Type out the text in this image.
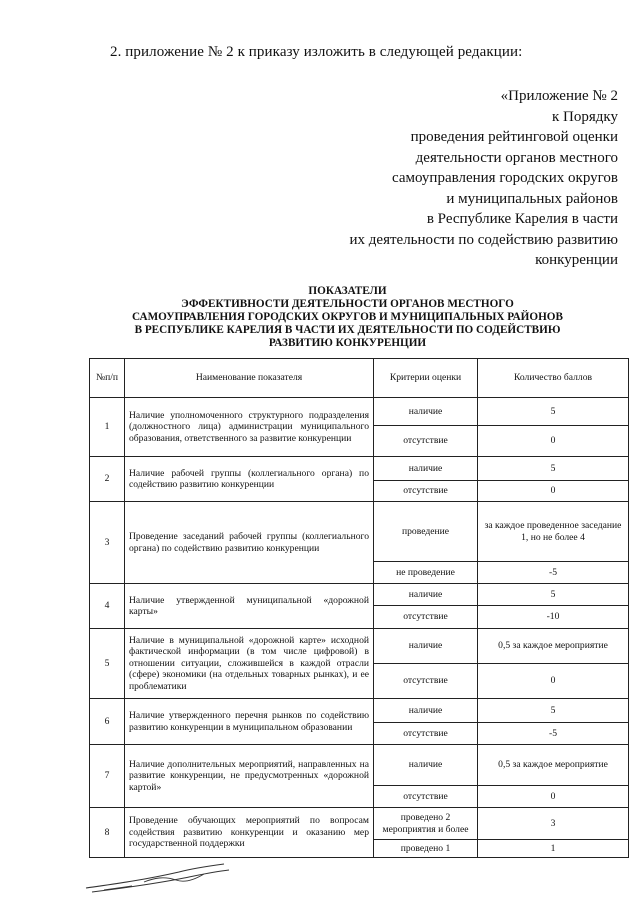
2. приложение № 2 к приказу изложить в следующей редакции:
«Приложение № 2
к Порядку
проведения рейтинговой оценки
деятельности органов местного
самоуправления городских округов
и муниципальных районов
в Республике Карелия в части
их деятельности по содействию развитию
конкуренции
ПОКАЗАТЕЛИ
ЭФФЕКТИВНОСТИ ДЕЯТЕЛЬНОСТИ ОРГАНОВ МЕСТНОГО
САМОУПРАВЛЕНИЯ ГОРОДСКИХ ОКРУГОВ И МУНИЦИПАЛЬНЫХ РАЙОНОВ
В РЕСПУБЛИКЕ КАРЕЛИЯ В ЧАСТИ ИХ ДЕЯТЕЛЬНОСТИ ПО СОДЕЙСТВИЮ
РАЗВИТИЮ КОНКУРЕНЦИИ
№п/п	Наименование показателя	Критерии оценки	Количество баллов
1	Наличие уполномоченного структурного подразделения (должностного лица) администрации муниципального образования, ответственного за развитие конкуренции	наличие	5
		отсутствие	0
2	Наличие рабочей группы (коллегиального органа) по содействию развитию конкуренции	наличие	5
		отсутствие	0
3	Проведение заседаний рабочей группы (коллегиального органа) по содействию развитию конкуренции	проведение	за каждое проведенное заседание 1, но не более 4
		не проведение	-5
4	Наличие утвержденной муниципальной «дорожной карты»	наличие	5
		отсутствие	-10
5	Наличие в муниципальной «дорожной карте» исходной фактической информации (в том числе цифровой) в отношении ситуации, сложившейся в каждой отрасли (сфере) экономики (на отдельных товарных рынках), и ее проблематики	наличие	0,5 за каждое мероприятие
		отсутствие	0
6	Наличие утвержденного перечня рынков по содействию развитию конкуренции в муниципальном образовании	наличие	5
		отсутствие	-5
7	Наличие дополнительных мероприятий, направленных на развитие конкуренции, не предусмотренных «дорожной картой»	наличие	0,5 за каждое мероприятие
		отсутствие	0
8	Проведение обучающих мероприятий по вопросам содействия развитию конкуренции и оказанию мер государственной поддержки	проведено 2 мероприятия и более	3
		проведено 1	1
